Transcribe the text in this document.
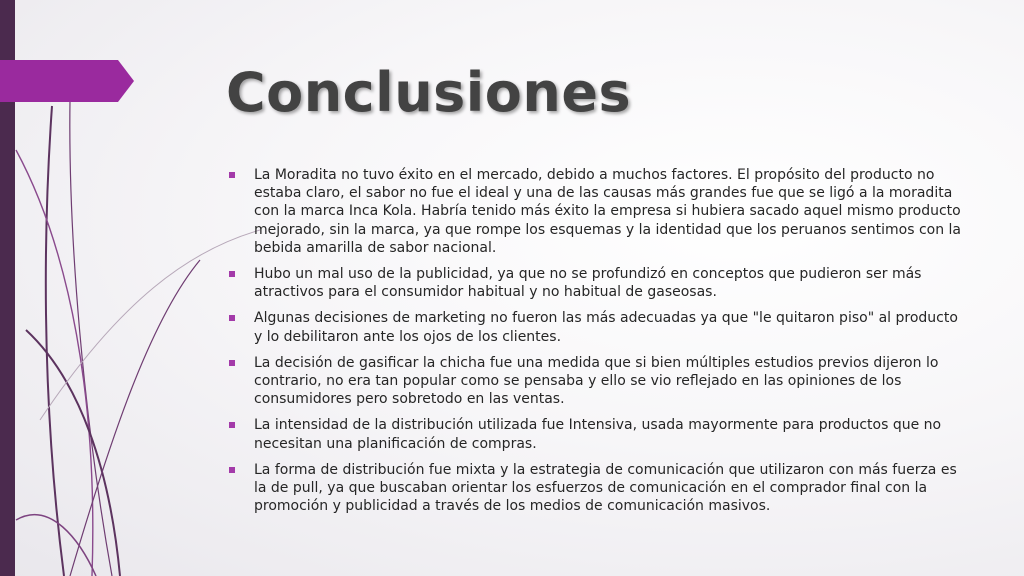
Conclusiones
La Moradita no tuvo éxito en el mercado, debido a muchos factores. El propósito del producto no estaba claro, el sabor no fue el ideal y una de las causas más grandes fue que se ligó a la moradita con la marca Inca Kola. Habría tenido más éxito la empresa si hubiera sacado aquel mismo producto mejorado, sin la marca, ya que rompe los esquemas y la identidad que los peruanos sentimos con la bebida amarilla de sabor nacional.
Hubo un mal uso de la publicidad, ya que no se profundizó en conceptos que pudieron ser más atractivos para el consumidor habitual y no habitual de gaseosas.
Algunas decisiones de marketing no fueron las más adecuadas ya que "le quitaron piso" al producto y lo debilitaron ante los ojos de los clientes.
La decisión de gasificar la chicha fue una medida que si bien múltiples estudios previos dijeron lo contrario, no era tan popular como se pensaba y ello se vio reflejado en las opiniones de los consumidores pero sobretodo en las ventas.
La intensidad de la distribución utilizada fue Intensiva, usada mayormente para productos que no necesitan una planificación de compras.
La forma de distribución fue mixta y la estrategia de comunicación que utilizaron con más fuerza es la de pull, ya que buscaban orientar los esfuerzos de comunicación en el comprador final con la promoción y publicidad a través de los medios de comunicación masivos.
